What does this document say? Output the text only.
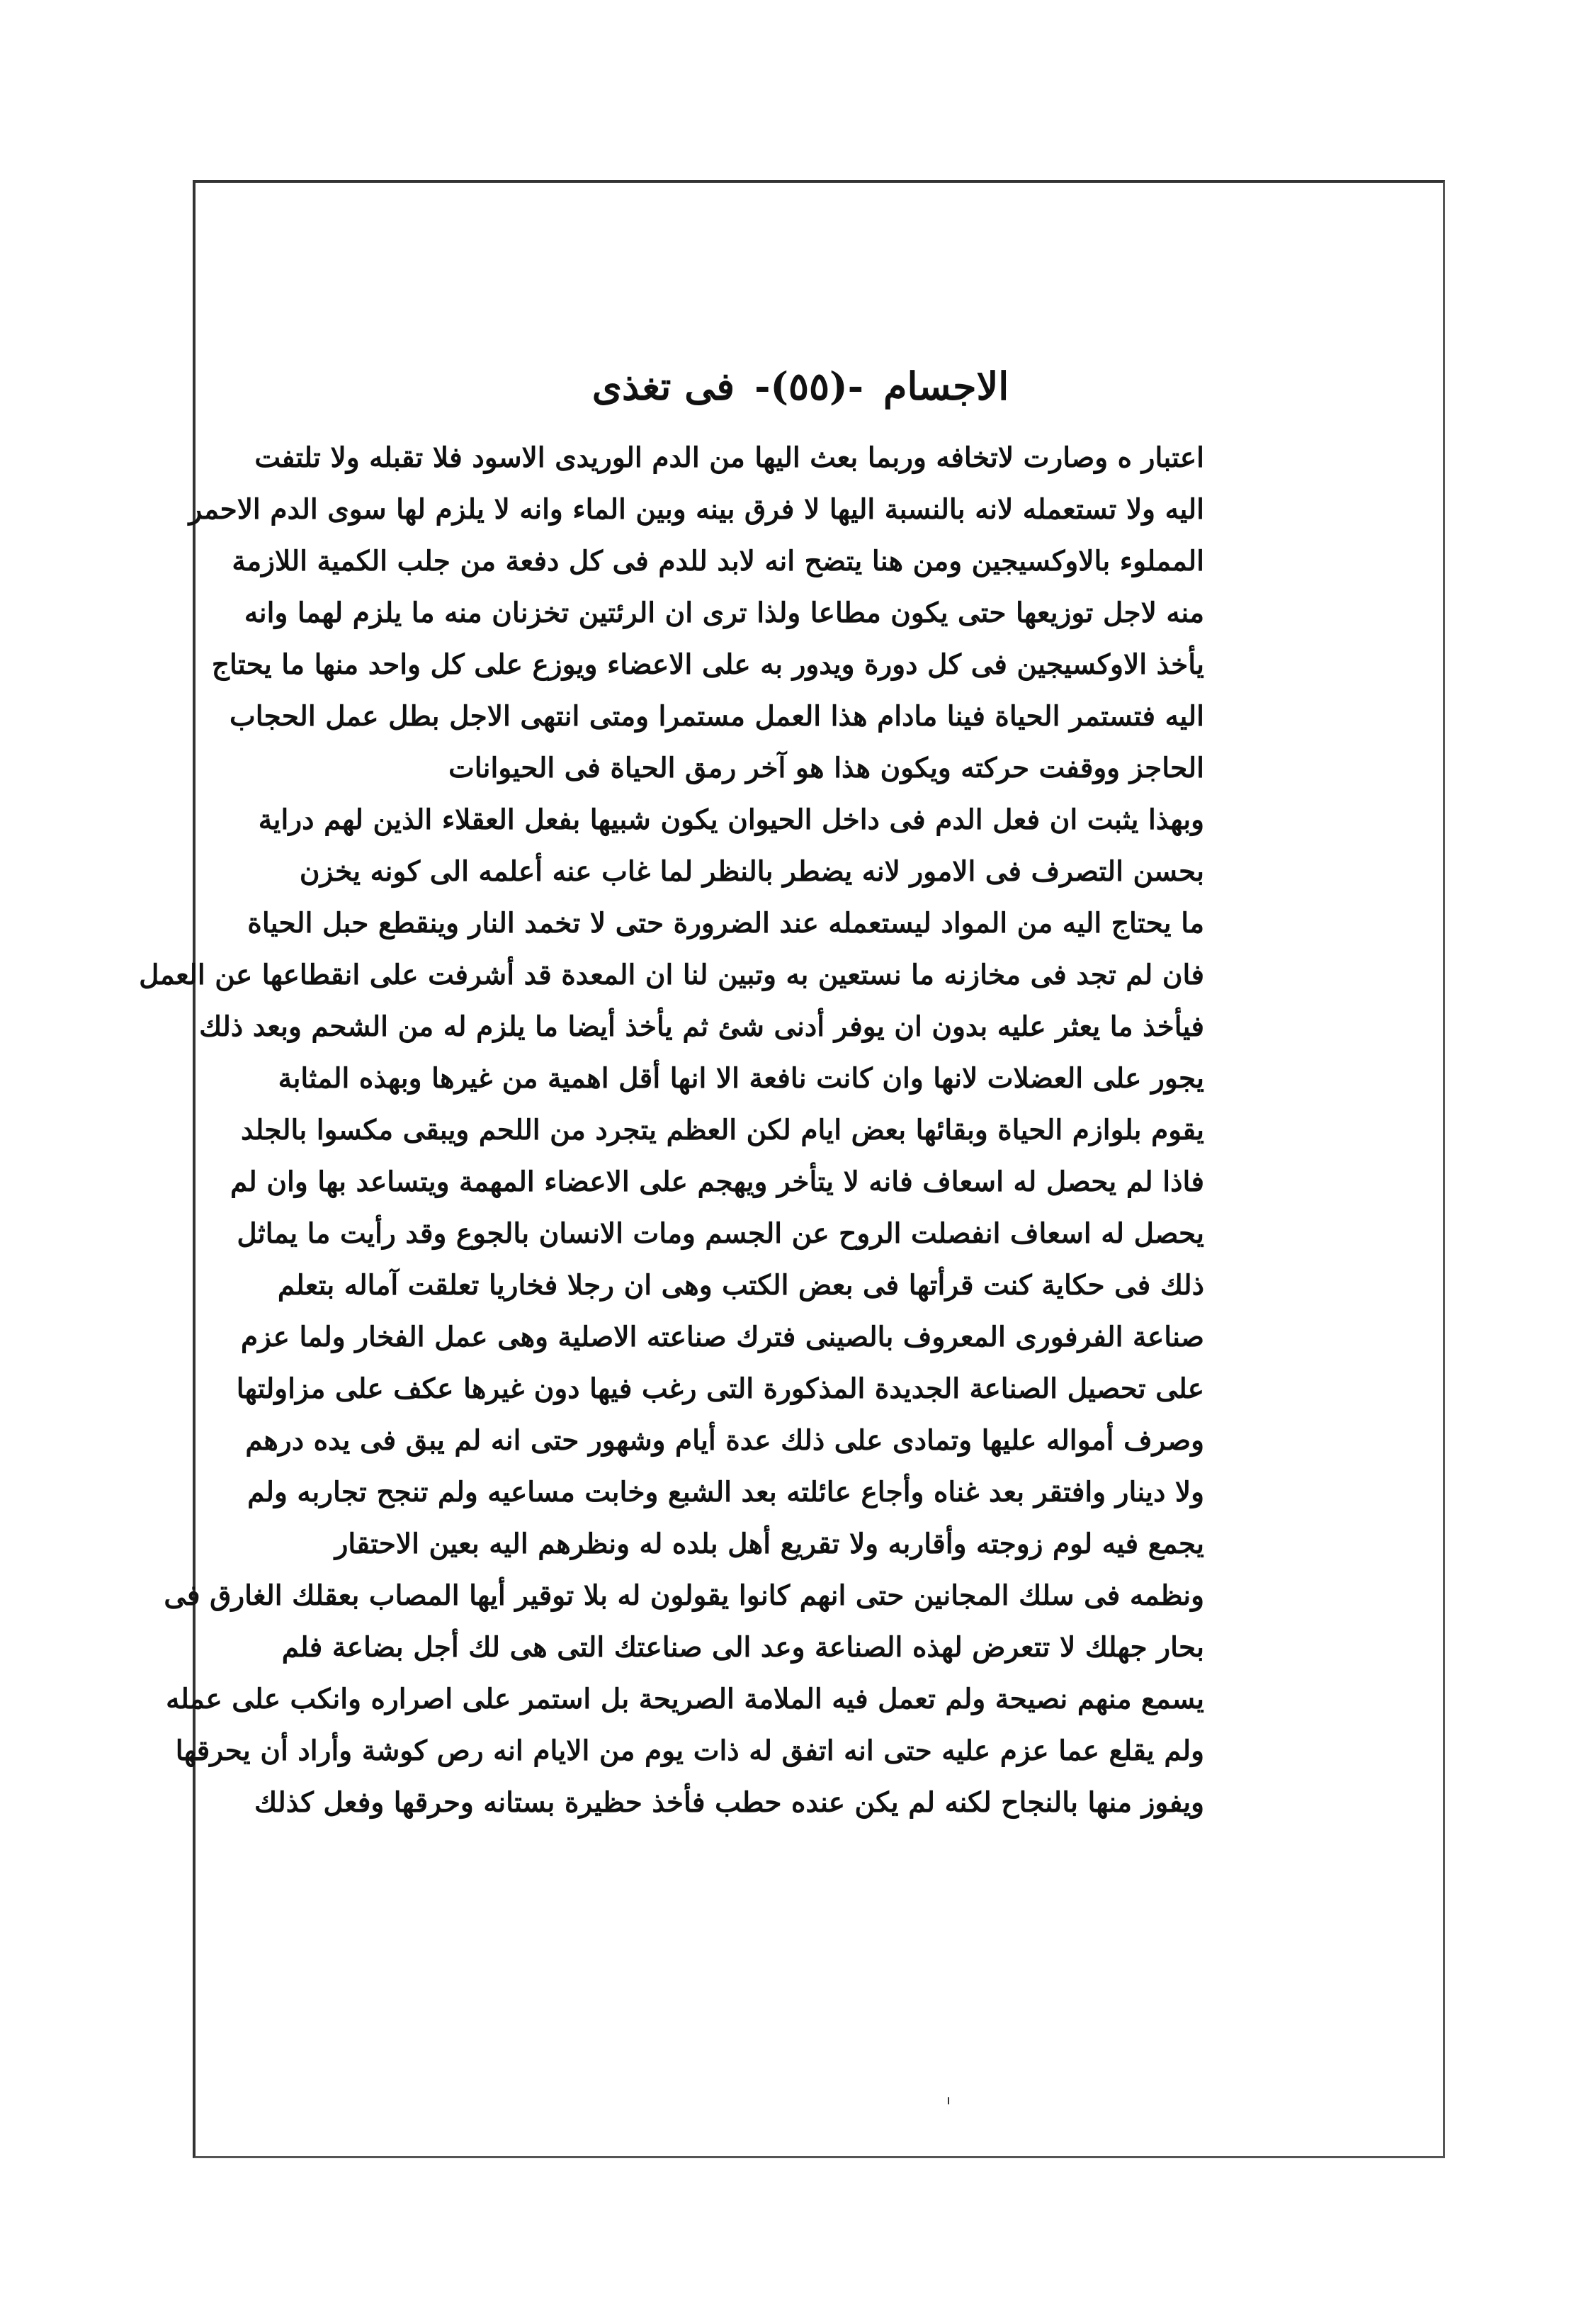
الاجسام
-(٥٥)-
فى تغذى
اعتبار ه وصارت لاتخافه وربما بعث اليها من الدم الوريدى الاسود فلا تقبله ولا تلتفت
اليه ولا تستعمله لانه بالنسبة اليها لا فرق بينه وبين الماء وانه لا يلزم لها سوى الدم الاحمر
المملوء بالاوكسيجين ومن هنا يتضح انه لابد للدم فى كل دفعة من جلب الكمية اللازمة
منه لاجل توزيعها حتى يكون مطاعا ولذا ترى ان الرئتين تخزنان منه ما يلزم لهما وانه
يأخذ الاوكسيجين فى كل دورة ويدور به على الاعضاء ويوزع على كل واحد منها ما يحتاج
اليه فتستمر الحياة فينا مادام هذا العمل مستمرا ومتى انتهى الاجل بطل عمل الحجاب
الحاجز ووقفت حركته ويكون هذا هو آخر رمق الحياة فى الحيوانات
وبهذا يثبت ان فعل الدم فى داخل الحيوان يكون شبيها بفعل العقلاء الذين لهم دراية
بحسن التصرف فى الامور لانه يضطر بالنظر لما غاب عنه أعلمه الى كونه يخزن
ما يحتاج اليه من المواد ليستعمله عند الضرورة حتى لا تخمد النار وينقطع حبل الحياة
فان لم تجد فى مخازنه ما نستعين به وتبين لنا ان المعدة قد أشرفت على انقطاعها عن العمل
فيأخذ ما يعثر عليه بدون ان يوفر أدنى شئ ثم يأخذ أيضا ما يلزم له من الشحم وبعد ذلك
يجور على العضلات لانها وان كانت نافعة الا انها أقل اهمية من غيرها وبهذه المثابة
يقوم بلوازم الحياة وبقائها بعض ايام لكن العظم يتجرد من اللحم ويبقى مكسوا بالجلد
فاذا لم يحصل له اسعاف فانه لا يتأخر ويهجم على الاعضاء المهمة ويتساعد بها وان لم
يحصل له اسعاف انفصلت الروح عن الجسم ومات الانسان بالجوع وقد رأيت ما يماثل
ذلك فى حكاية كنت قرأتها فى بعض الكتب وهى ان رجلا فخاريا تعلقت آماله بتعلم
صناعة الفرفورى المعروف بالصينى فترك صناعته الاصلية وهى عمل الفخار ولما عزم
على تحصيل الصناعة الجديدة المذكورة التى رغب فيها دون غيرها عكف على مزاولتها
وصرف أمواله عليها وتمادى على ذلك عدة أيام وشهور حتى انه لم يبق فى يده درهم
ولا دينار وافتقر بعد غناه وأجاع عائلته بعد الشبع وخابت مساعيه ولم تنجح تجاربه ولم
يجمع فيه لوم زوجته وأقاربه ولا تقريع أهل بلده له ونظرهم اليه بعين الاحتقار
ونظمه فى سلك المجانين حتى انهم كانوا يقولون له بلا توقير أيها المصاب بعقلك الغارق فى
بحار جهلك لا تتعرض لهذه الصناعة وعد الى صناعتك التى هى لك أجل بضاعة فلم
يسمع منهم نصيحة ولم تعمل فيه الملامة الصريحة بل استمر على اصراره وانكب على عمله
ولم يقلع عما عزم عليه حتى انه اتفق له ذات يوم من الايام انه رص كوشة وأراد أن يحرقها
ويفوز منها بالنجاح لكنه لم يكن عنده حطب فأخذ حظيرة بستانه وحرقها وفعل كذلك
